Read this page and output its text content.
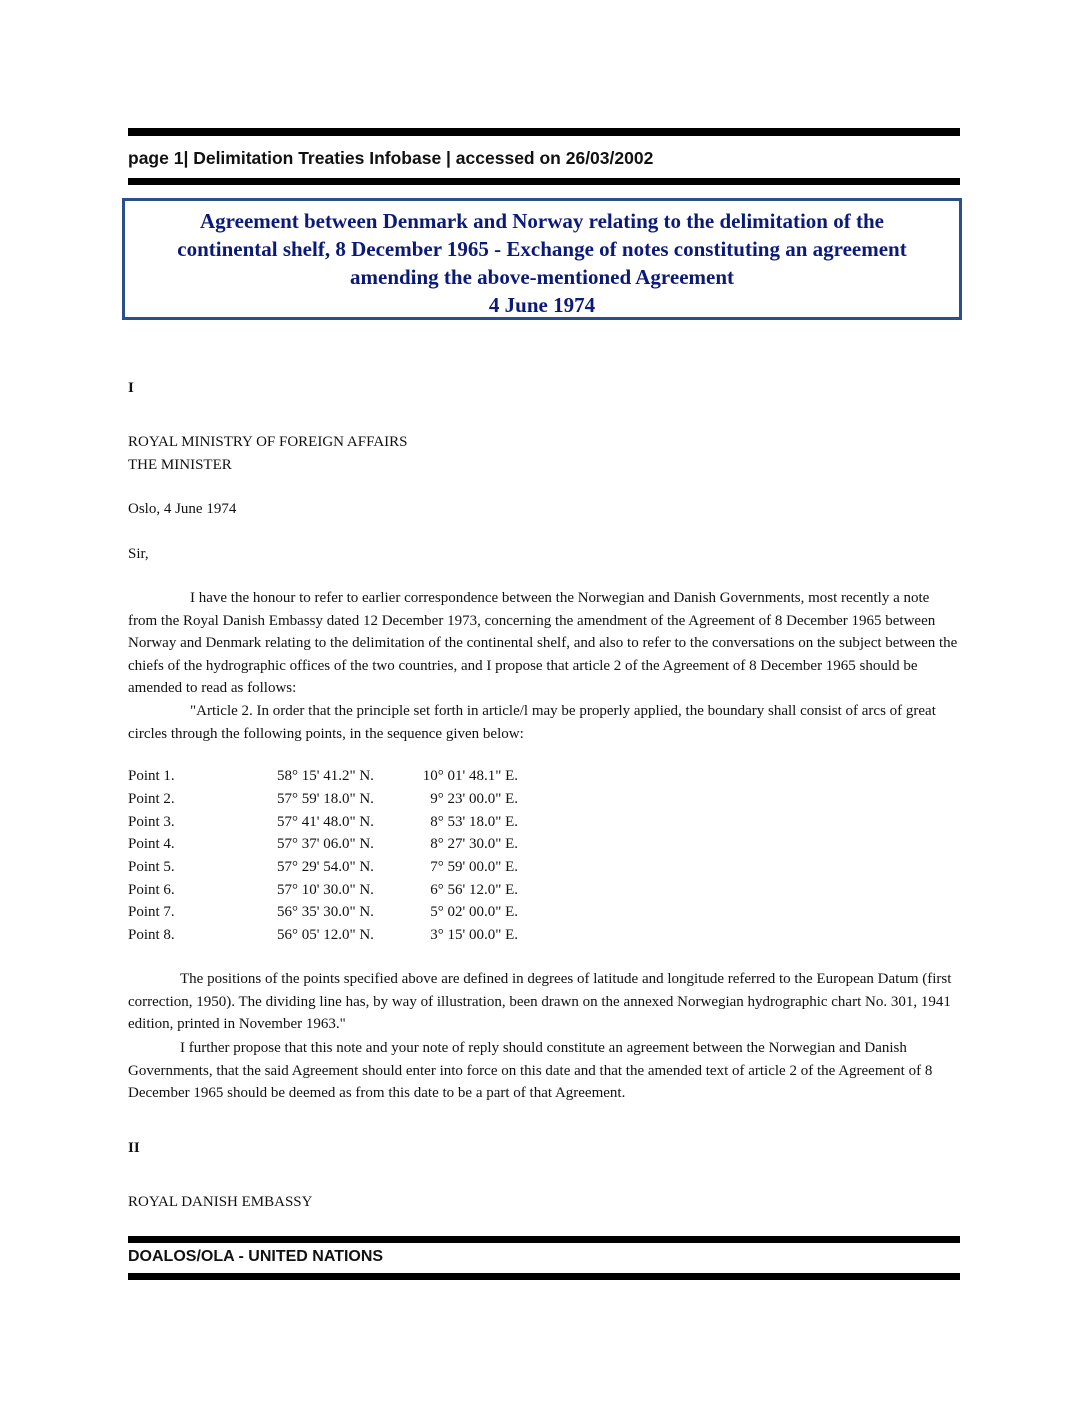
page 1| Delimitation Treaties Infobase | accessed on 26/03/2002
Agreement between Denmark and Norway relating to the delimitation of the
continental shelf, 8 December 1965 - Exchange of notes constituting an agreement
amending the above-mentioned Agreement
4 June 1974
I
ROYAL MINISTRY OF FOREIGN AFFAIRS
THE MINISTER
Oslo, 4 June 1974
Sir,
I have the honour to refer to earlier correspondence between the Norwegian and Danish Governments, most recently a note from the Royal Danish Embassy dated 12 December 1973, concerning the amendment of the Agreement of 8 December 1965 between Norway and Denmark relating to the delimitation of the continental shelf, and also to refer to the conversations on the subject between the chiefs of the hydrographic offices of the two countries, and I propose that article 2 of the Agreement of 8 December 1965 should be amended to read as follows:
"Article 2. In order that the principle set forth in article/l may be properly applied, the boundary shall consist of arcs of great circles through the following points, in the sequence given below:
Point 1.	58° 15' 41.2" N.	10° 01' 48.1" E.
Point 2.	57° 59' 18.0" N.	9° 23' 00.0" E.
Point 3.	57° 41' 48.0" N.	8° 53' 18.0" E.
Point 4.	57° 37' 06.0" N.	8° 27' 30.0" E.
Point 5.	57° 29' 54.0" N.	7° 59' 00.0" E.
Point 6.	57° 10' 30.0" N.	6° 56' 12.0" E.
Point 7.	56° 35' 30.0" N.	5° 02' 00.0" E.
Point 8.	56° 05' 12.0" N.	3° 15' 00.0" E.
The positions of the points specified above are defined in degrees of latitude and longitude referred to the European Datum (first correction, 1950). The dividing line has, by way of illustration, been drawn on the annexed Norwegian hydrographic chart No. 301, 1941 edition, printed in November 1963."
I further propose that this note and your note of reply should constitute an agreement between the Norwegian and Danish Governments, that the said Agreement should enter into force on this date and that the amended text of article 2 of the Agreement of 8 December 1965 should be deemed as from this date to be a part of that Agreement.
II
ROYAL DANISH EMBASSY
DOALOS/OLA - UNITED NATIONS
